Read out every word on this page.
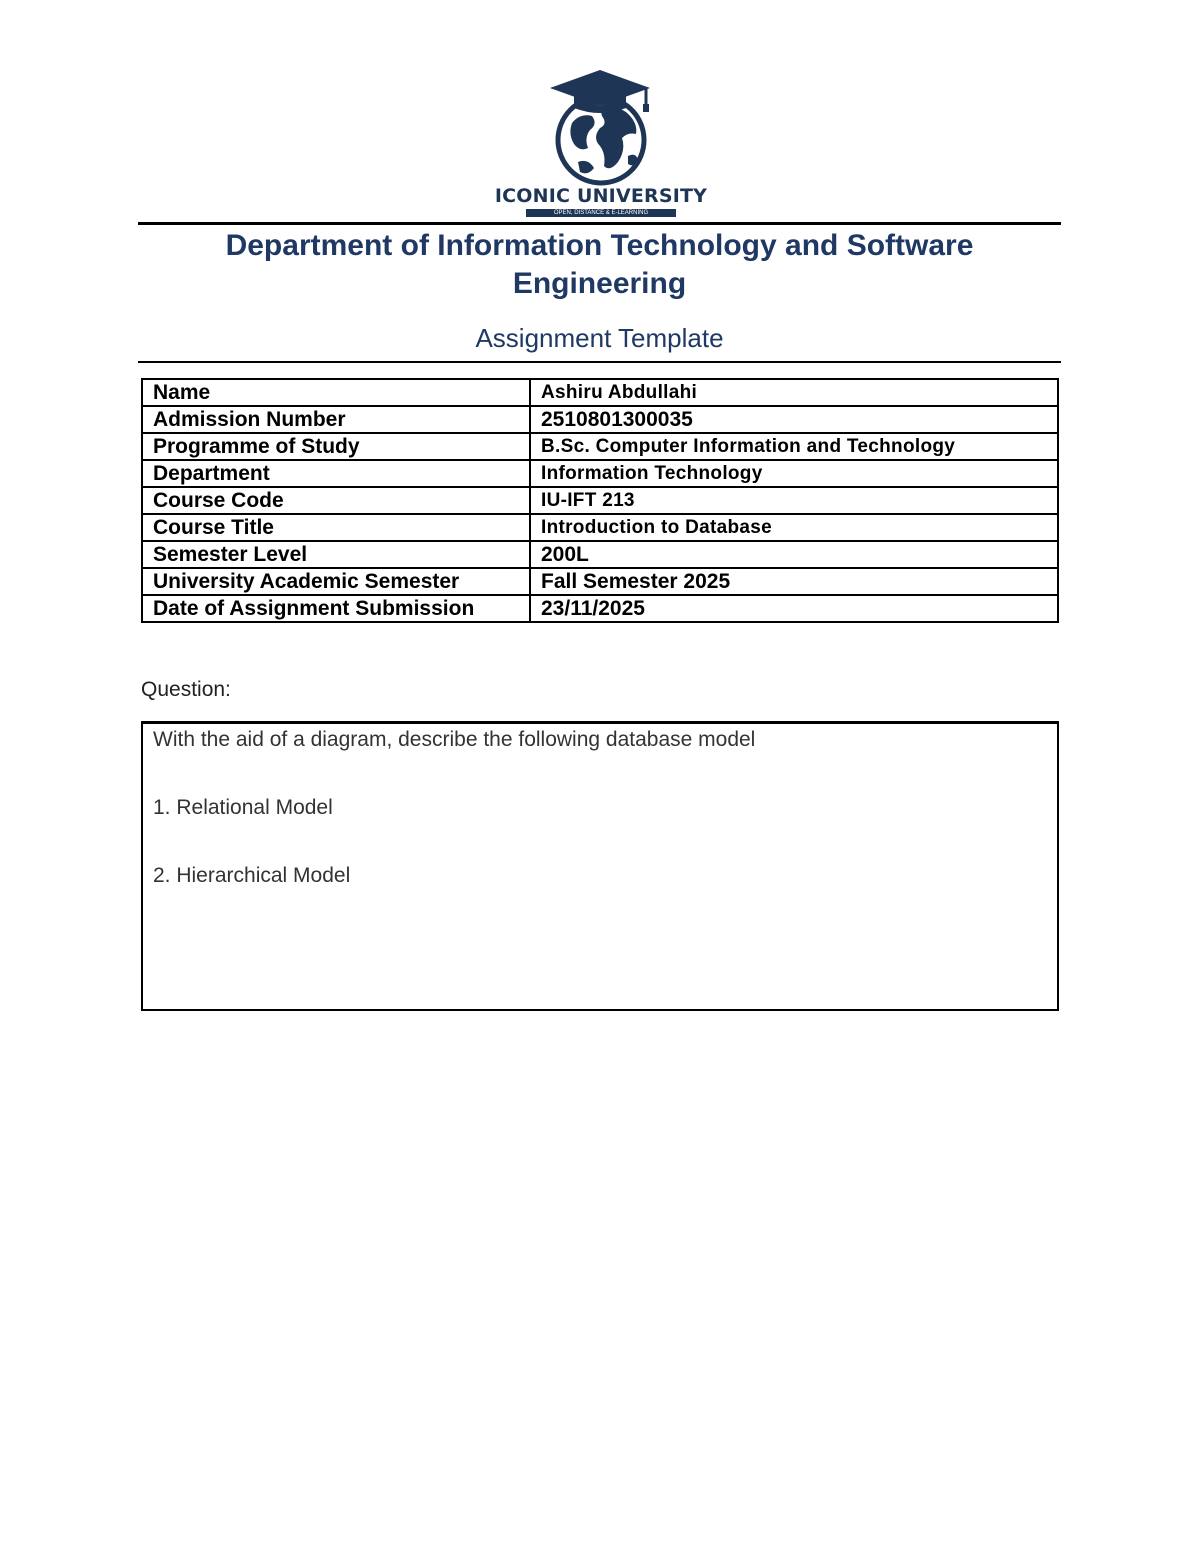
ICONIC UNIVERSITY
OPEN, DISTANCE & E-LEARNING
Department of Information Technology and Software Engineering
Assignment Template
Name	Ashiru Abdullahi
Admission Number	2510801300035
Programme of Study	B.Sc. Computer Information and Technology
Department	Information Technology
Course Code	IU-IFT 213
Course Title	Introduction to Database
Semester Level	200L
University Academic Semester	Fall Semester 2025
Date of Assignment Submission	23/11/2025
Question:
With the aid of a diagram, describe the following database model
1. Relational Model
2. Hierarchical Model
